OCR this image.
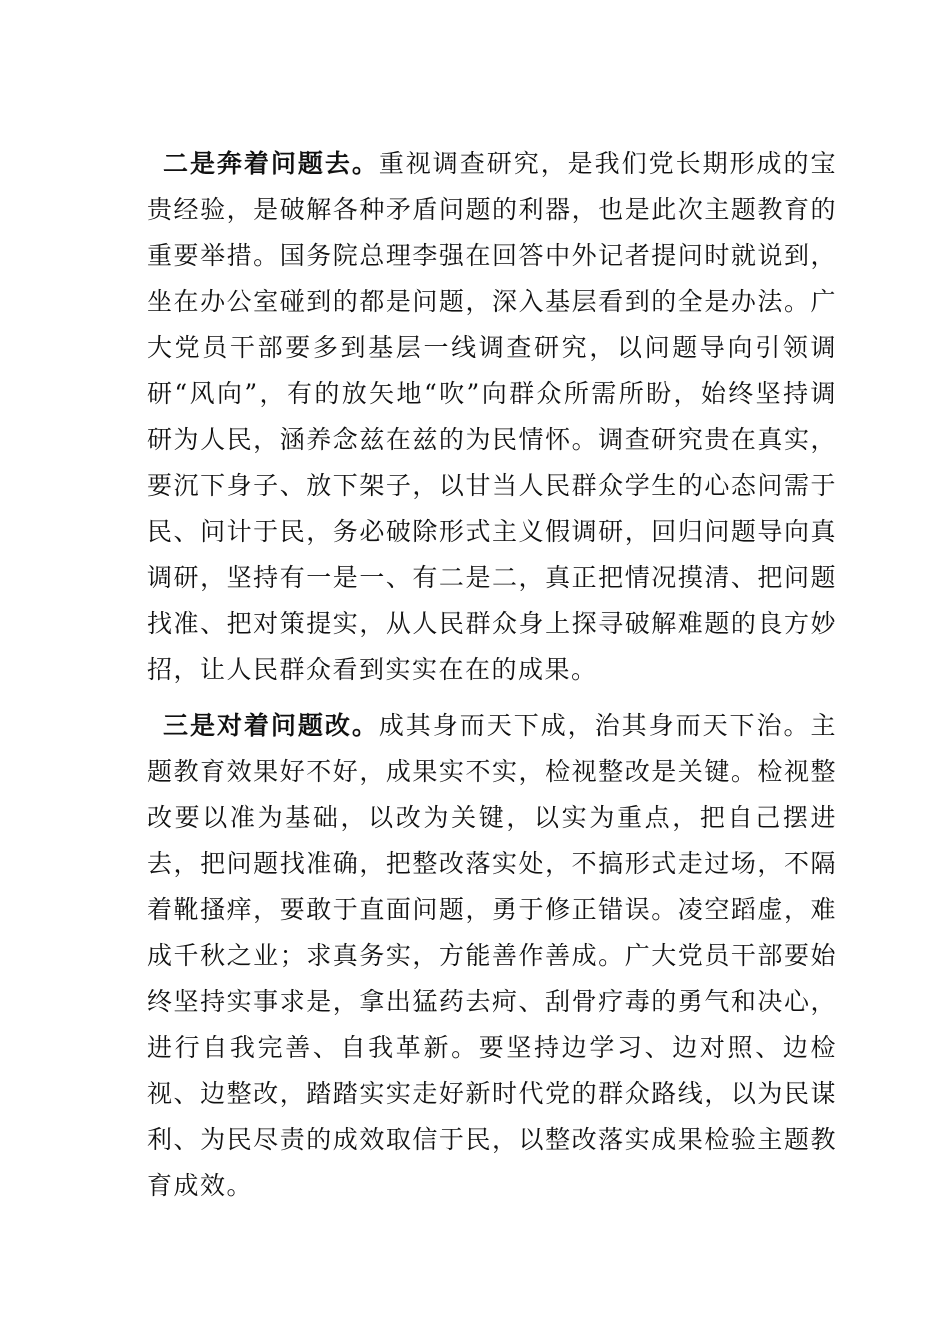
二是奔着问题去。重视调查研究，是我们党长期形成的宝贵经验，是破解各种矛盾问题的利器，也是此次主题教育的重要举措。国务院总理李强在回答中外记者提问时就说到，坐在办公室碰到的都是问题，深入基层看到的全是办法。广大党员干部要多到基层一线调查研究，以问题导向引领调研“风向”，有的放矢地“吹”向群众所需所盼，始终坚持调研为人民，涵养念兹在兹的为民情怀。调查研究贵在真实，要沉下身子、放下架子，以甘当人民群众学生的心态问需于民、问计于民，务必破除形式主义假调研，回归问题导向真调研，坚持有一是一、有二是二，真正把情况摸清、把问题找准、把对策提实，从人民群众身上探寻破解难题的良方妙招，让人民群众看到实实在在的成果。

三是对着问题改。成其身而天下成，治其身而天下治。主题教育效果好不好，成果实不实，检视整改是关键。检视整改要以准为基础，以改为关键，以实为重点，把自己摆进去，把问题找准确，把整改落实处，不搞形式走过场，不隔着靴搔痒，要敢于直面问题，勇于修正错误。凌空蹈虚，难成千秋之业；求真务实，方能善作善成。广大党员干部要始终坚持实事求是，拿出猛药去疴、刮骨疗毒的勇气和决心，进行自我完善、自我革新。要坚持边学习、边对照、边检视、边整改，踏踏实实走好新时代党的群众路线，以为民谋利、为民尽责的成效取信于民，以整改落实成果检验主题教育成效。
